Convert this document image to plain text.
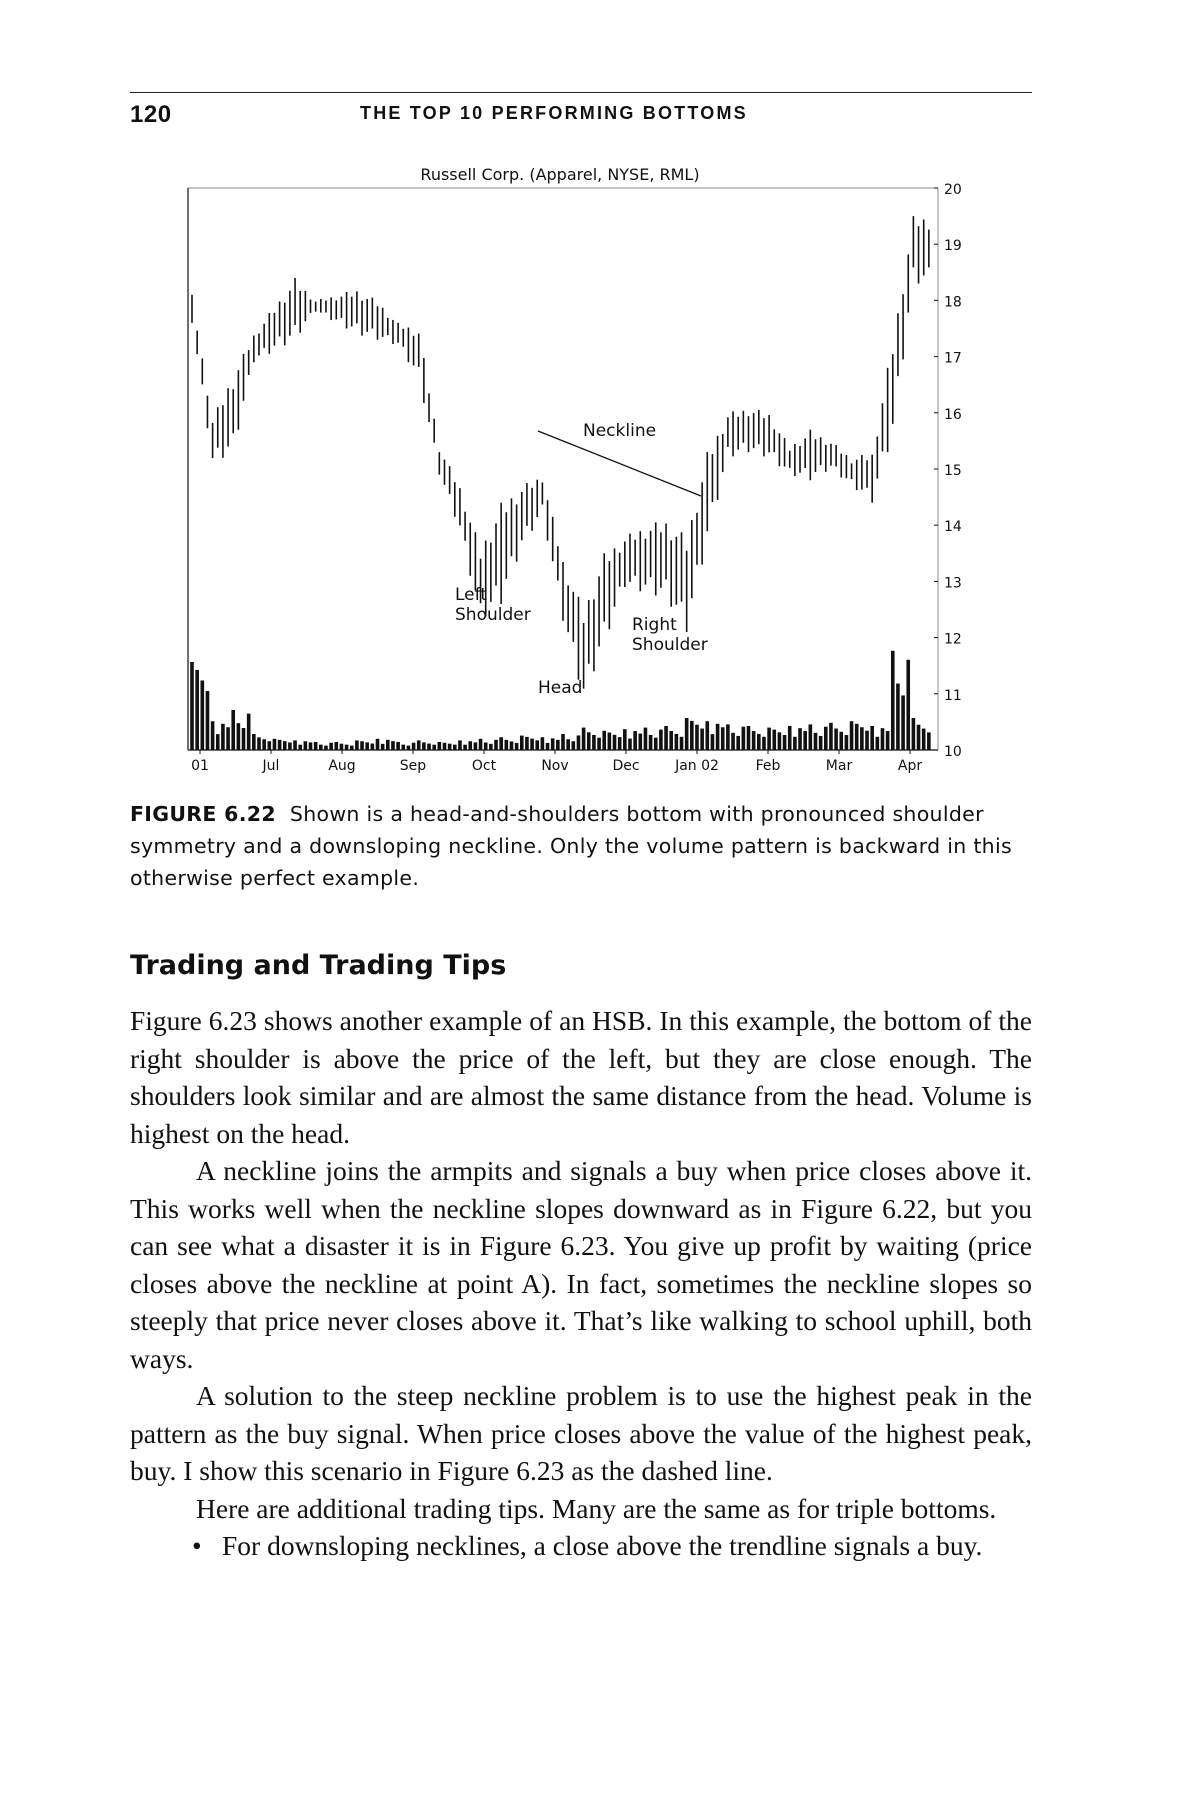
120	THE TOP 10 PERFORMING BOTTOMS
Russell Corp. (Apparel, NYSE, RML)
10
11
12
13
14
15
16
17
18
19
20
01	Jul	Aug	Sep	Oct	Nov	Dec	Jan 02	Feb	Mar	Apr
Neckline
Left Shoulder
Head
Right Shoulder
FIGURE 6.22 Shown is a head-and-shoulders bottom with pronounced shoulder symmetry and a downsloping neckline. Only the volume pattern is backward in this otherwise perfect example.
Trading and Trading Tips

Figure 6.23 shows another example of an HSB. In this example, the bottom of the right shoulder is above the price of the left, but they are close enough. The shoulders look similar and are almost the same distance from the head. Volume is highest on the head.

A neckline joins the armpits and signals a buy when price closes above it. This works well when the neckline slopes downward as in Figure 6.22, but you can see what a disaster it is in Figure 6.23. You give up profit by waiting (price closes above the neckline at point A). In fact, sometimes the neckline slopes so steeply that price never closes above it. That’s like walking to school uphill, both ways.

A solution to the steep neckline problem is to use the highest peak in the pattern as the buy signal. When price closes above the value of the highest peak, buy. I show this scenario in Figure 6.23 as the dashed line.

Here are additional trading tips. Many are the same as for triple bottoms.

• For downsloping necklines, a close above the trendline signals a buy.
